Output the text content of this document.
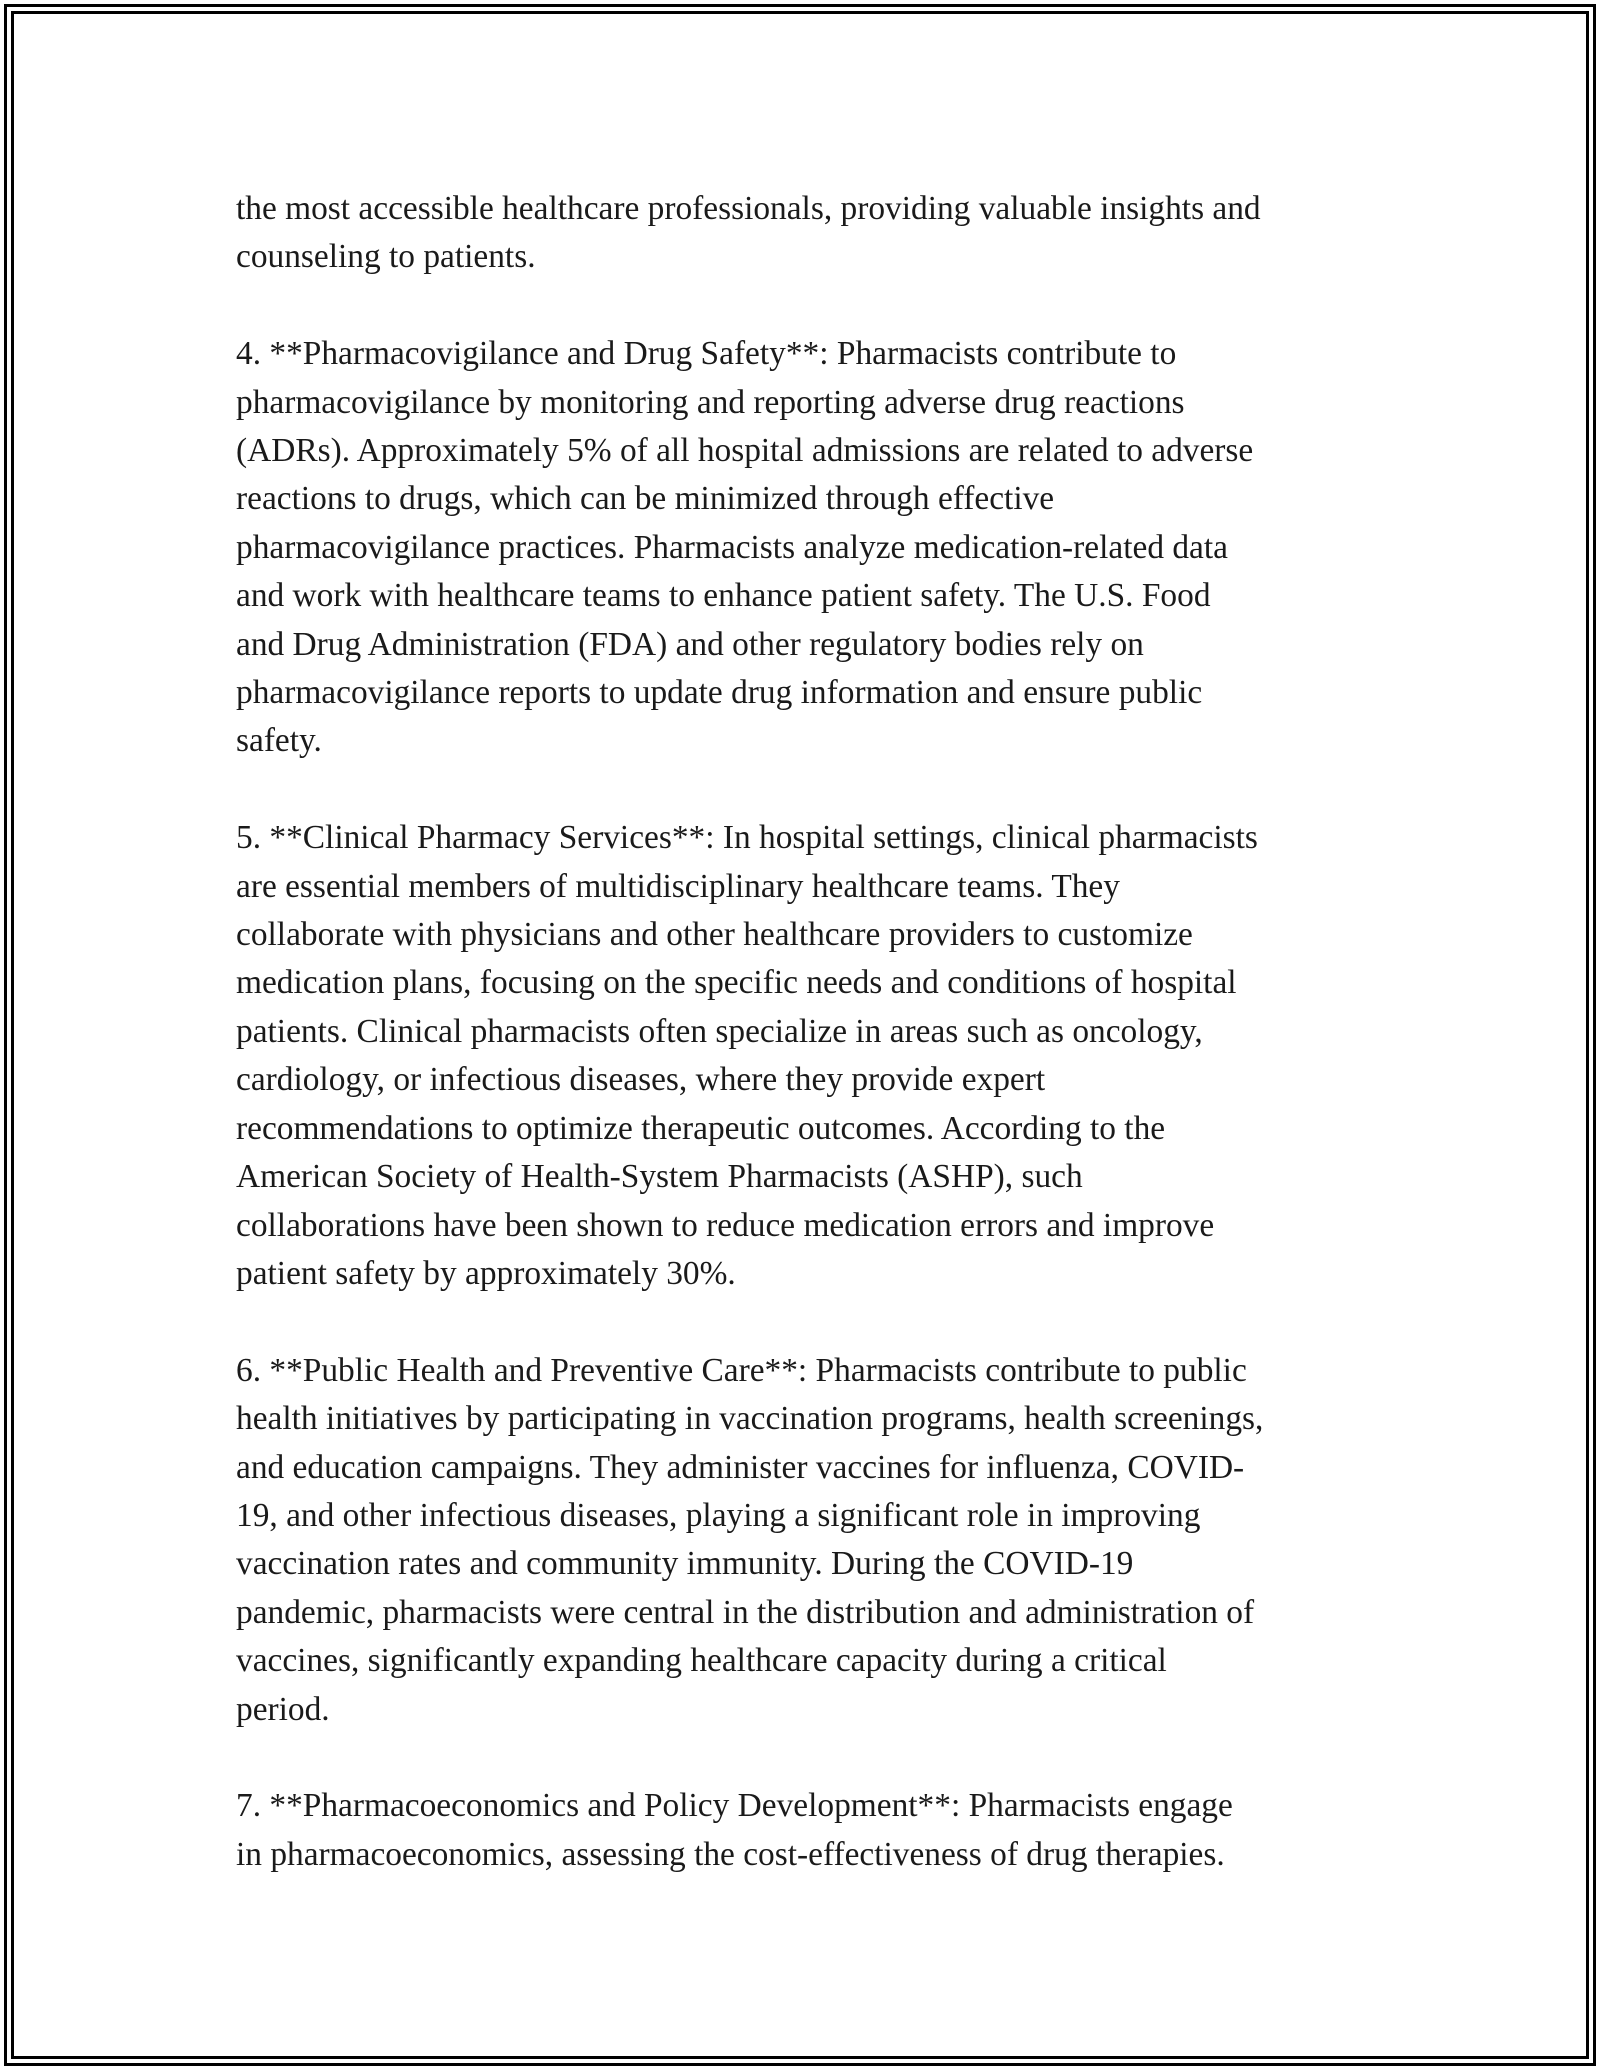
the most accessible healthcare professionals, providing valuable insights and
counseling to patients.

4. **Pharmacovigilance and Drug Safety**: Pharmacists contribute to
pharmacovigilance by monitoring and reporting adverse drug reactions
(ADRs). Approximately 5% of all hospital admissions are related to adverse
reactions to drugs, which can be minimized through effective
pharmacovigilance practices. Pharmacists analyze medication-related data
and work with healthcare teams to enhance patient safety. The U.S. Food
and Drug Administration (FDA) and other regulatory bodies rely on
pharmacovigilance reports to update drug information and ensure public
safety.

5. **Clinical Pharmacy Services**: In hospital settings, clinical pharmacists
are essential members of multidisciplinary healthcare teams. They
collaborate with physicians and other healthcare providers to customize
medication plans, focusing on the specific needs and conditions of hospital
patients. Clinical pharmacists often specialize in areas such as oncology,
cardiology, or infectious diseases, where they provide expert
recommendations to optimize therapeutic outcomes. According to the
American Society of Health-System Pharmacists (ASHP), such
collaborations have been shown to reduce medication errors and improve
patient safety by approximately 30%.

6. **Public Health and Preventive Care**: Pharmacists contribute to public
health initiatives by participating in vaccination programs, health screenings,
and education campaigns. They administer vaccines for influenza, COVID-
19, and other infectious diseases, playing a significant role in improving
vaccination rates and community immunity. During the COVID-19
pandemic, pharmacists were central in the distribution and administration of
vaccines, significantly expanding healthcare capacity during a critical
period.

7. **Pharmacoeconomics and Policy Development**: Pharmacists engage
in pharmacoeconomics, assessing the cost-effectiveness of drug therapies.
